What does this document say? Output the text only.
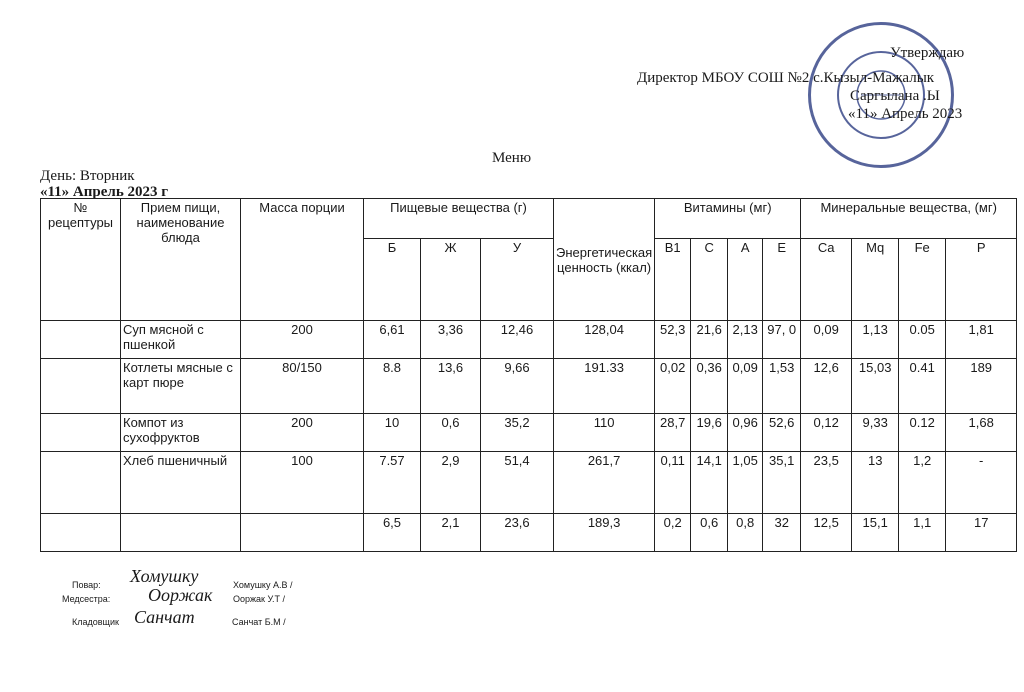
Утверждаю
Директор МБОУ СОШ №2 с.Кызыл-Мажалык
Саргылана .Ы
«11» Апрель 2023
Меню
День: Вторник
«11» Апрель 2023 г
№ рецептуры	Прием пищи, наименование блюда	Масса порции	Пищевые вещества (г)			Энергетическая ценность (ккал)	Витамины (мг)				Минеральные вещества, (мг)			
			Б	Ж	У		B1	C	A	E	Ca	Mq	Fe	P
	Суп мясной с пшенкой	200	6,61	3,36	12,46	128,04	52,3	21,6	2,13	97, 0	0,09	1,13	0.05	1,81
	Котлеты мясные с карт пюре	80/150	8.8	13,6	9,66	191.33	0,02	0,36	0,09	1,53	12,6	15,03	0.41	189
	Компот из сухофруктов	200	10	0,6	35,2	110	28,7	19,6	0,96	52,6	0,12	9,33	0.12	1,68
	Хлеб пшеничный	100	7.57	2,9	51,4	261,7	0,11	14,1	1,05	35,1	23,5	13	1,2	-
			6,5	2,1	23,6	189,3	0,2	0,6	0,8	32	12,5	15,1	1,1	17
Повар: Хомушку	Хомушку А.В /
Медсестра: Ооржак Ооржак У.Т /
Кладовщик Санчат	Санчат Б.М /
